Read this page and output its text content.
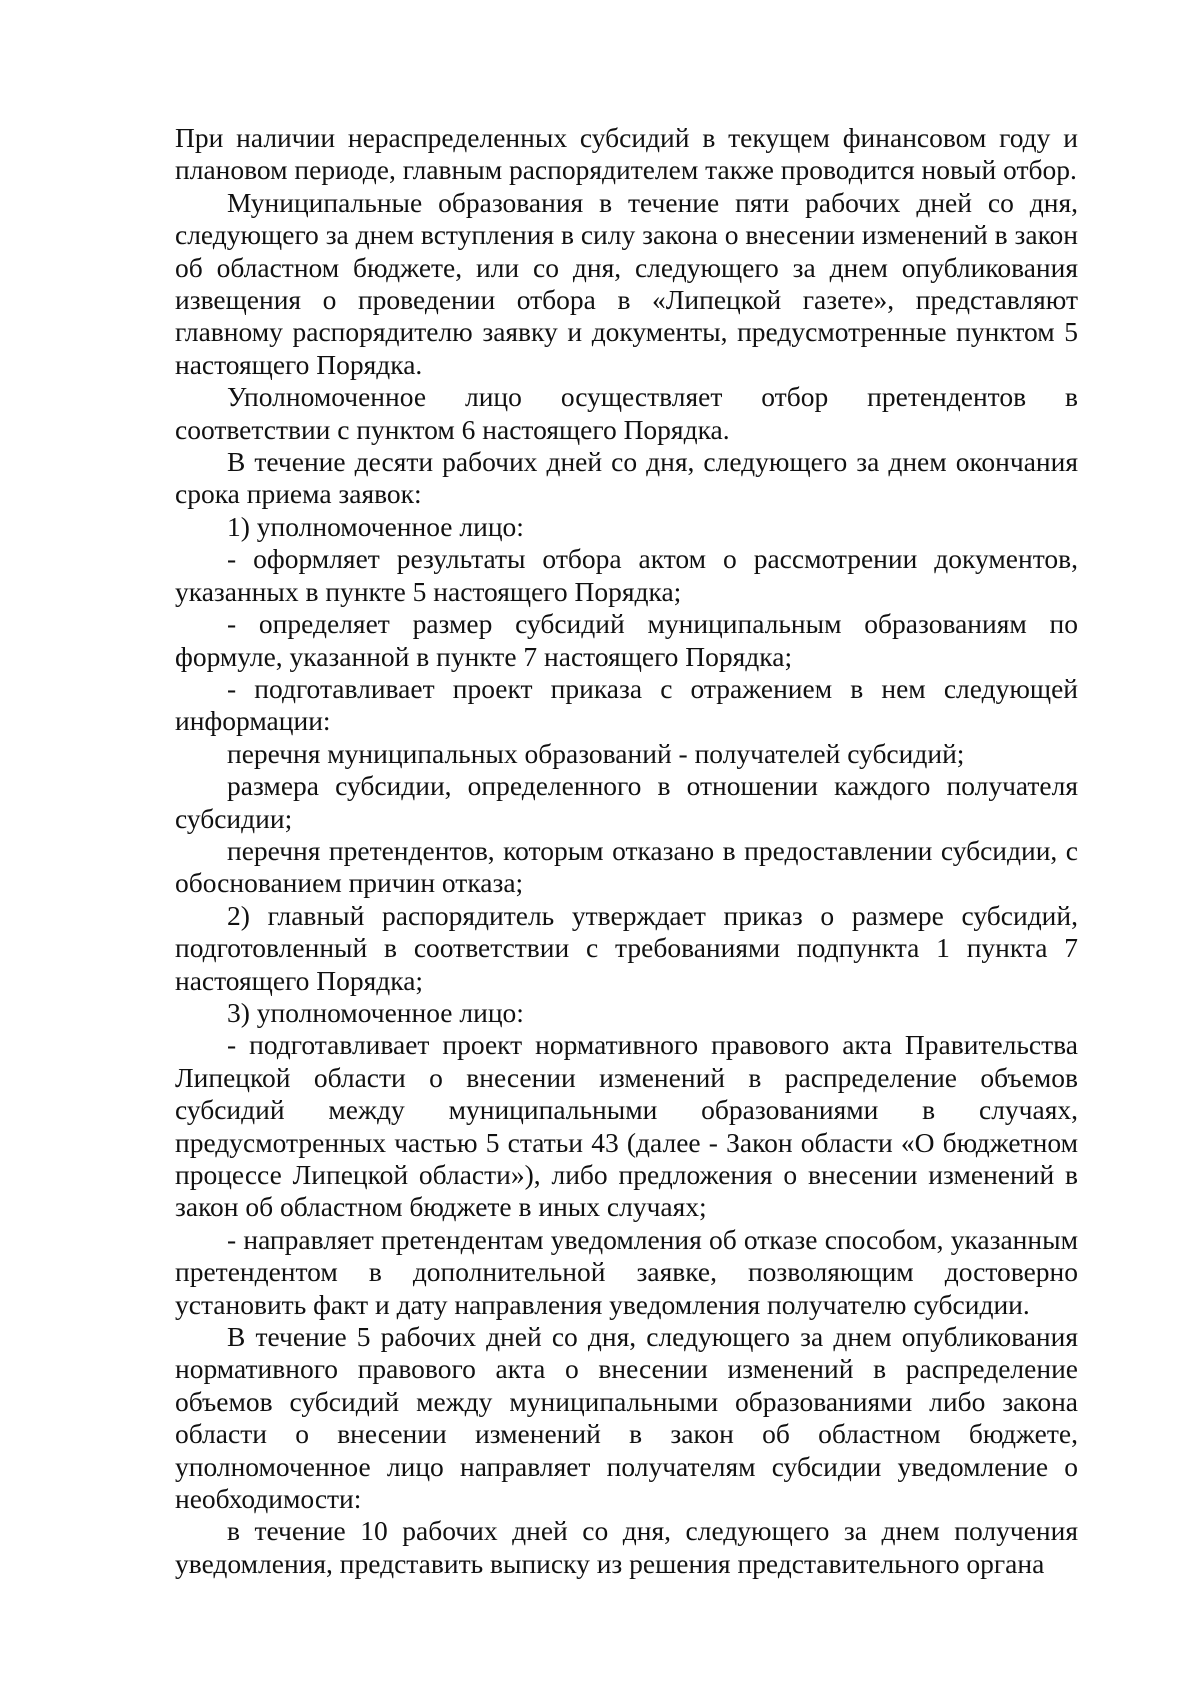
При наличии нераспределенных субсидий в текущем финансовом году и плановом периоде, главным распорядителем также проводится новый отбор.

Муниципальные образования в течение пяти рабочих дней со дня, следующего за днем вступления в силу закона о внесении изменений в закон об областном бюджете, или со дня, следующего за днем опубликования извещения о проведении отбора в «Липецкой газете», представляют главному распорядителю заявку и документы, предусмотренные пунктом 5 настоящего Порядка.

Уполномоченное лицо осуществляет отбор претендентов в соответствии с пунктом 6 настоящего Порядка.

В течение десяти рабочих дней со дня, следующего за днем окончания срока приема заявок:

1) уполномоченное лицо:

- оформляет результаты отбора актом о рассмотрении документов, указанных в пункте 5 настоящего Порядка;

- определяет размер субсидий муниципальным образованиям по формуле, указанной в пункте 7 настоящего Порядка;

- подготавливает проект приказа с отражением в нем следующей информации:

перечня муниципальных образований - получателей субсидий;

размера субсидии, определенного в отношении каждого получателя субсидии;

перечня претендентов, которым отказано в предоставлении субсидии, с обоснованием причин отказа;

2) главный распорядитель утверждает приказ о размере субсидий, подготовленный в соответствии с требованиями подпункта 1 пункта 7 настоящего Порядка;

3) уполномоченное лицо:

- подготавливает проект нормативного правового акта Правительства Липецкой области о внесении изменений в распределение объемов субсидий между муниципальными образованиями в случаях, предусмотренных частью 5 статьи 43 (далее - Закон области «О бюджетном процессе Липецкой области»), либо предложения о внесении изменений в закон об областном бюджете в иных случаях;

- направляет претендентам уведомления об отказе способом, указанным претендентом в дополнительной заявке, позволяющим достоверно установить факт и дату направления уведомления получателю субсидии.

В течение 5 рабочих дней со дня, следующего за днем опубликования нормативного правового акта о внесении изменений в распределение объемов субсидий между муниципальными образованиями либо закона области о внесении изменений в закон об областном бюджете, уполномоченное лицо направляет получателям субсидии уведомление о необходимости:

в течение 10 рабочих дней со дня, следующего за днем получения уведомления, представить выписку из решения представительного органа
